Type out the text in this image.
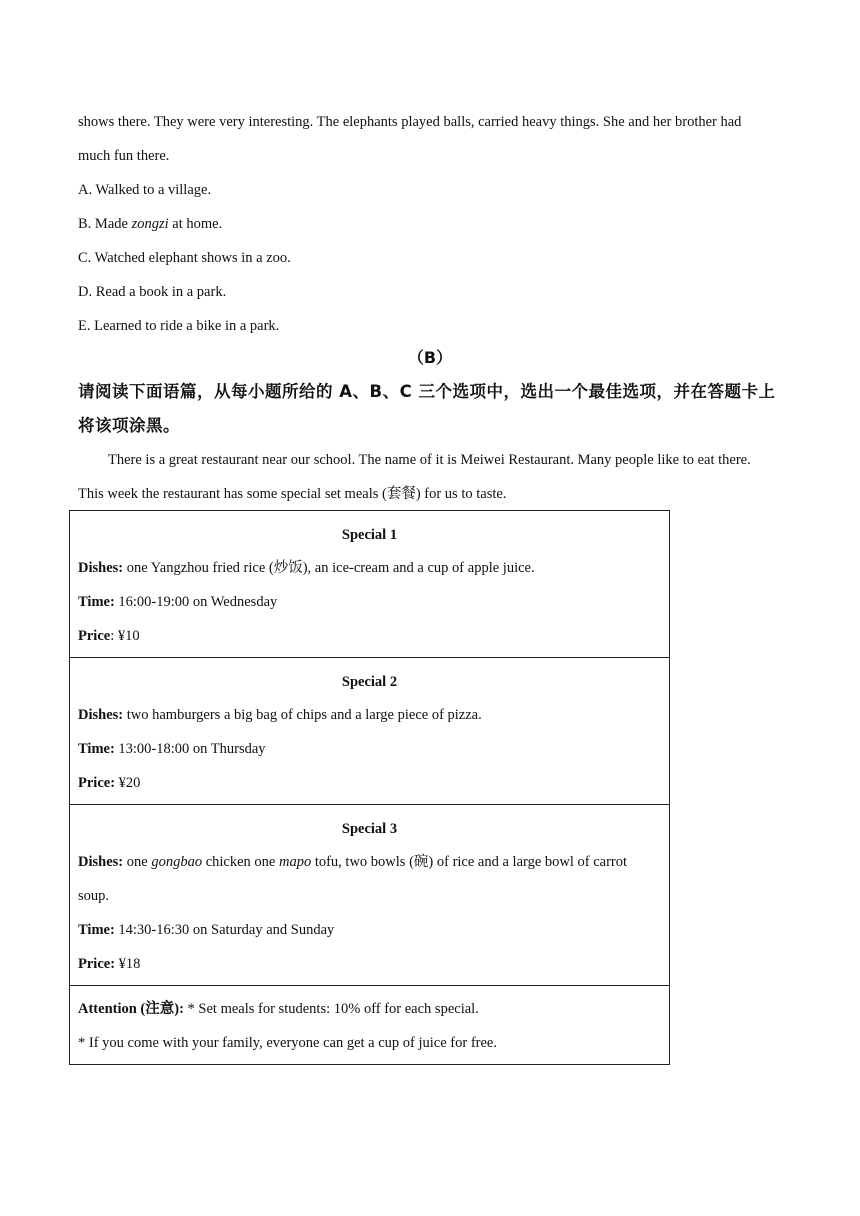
shows there. They were very interesting. The elephants played balls, carried heavy things. She and her brother had
much fun there.
A. Walked to a village.
B. Made zongzi at home.
C. Watched elephant shows in a zoo.
D. Read a book in a park.
E. Learned to ride a bike in a park.
（B）
请阅读下面语篇，从每小题所给的 A、B、C 三个选项中，选出一个最佳选项，并在答题卡上
将该项涂黑。
There is a great restaurant near our school. The name of it is Meiwei Restaurant. Many people like to eat there.
This week the restaurant has some special set meals (套餐) for us to taste.
Special 1
Dishes: one Yangzhou fried rice (炒饭), an ice-cream and a cup of apple juice.
Time: 16:00-19:00 on Wednesday
Price: ¥10
Special 2
Dishes: two hamburgers a big bag of chips and a large piece of pizza.
Time: 13:00-18:00 on Thursday
Price: ¥20
Special 3
Dishes: one gongbao chicken one mapo tofu, two bowls (碗) of rice and a large bowl of carrot
soup.
Time: 14:30-16:30 on Saturday and Sunday
Price: ¥18
Attention (注意): * Set meals for students: 10% off for each special.
* If you come with your family, everyone can get a cup of juice for free.
